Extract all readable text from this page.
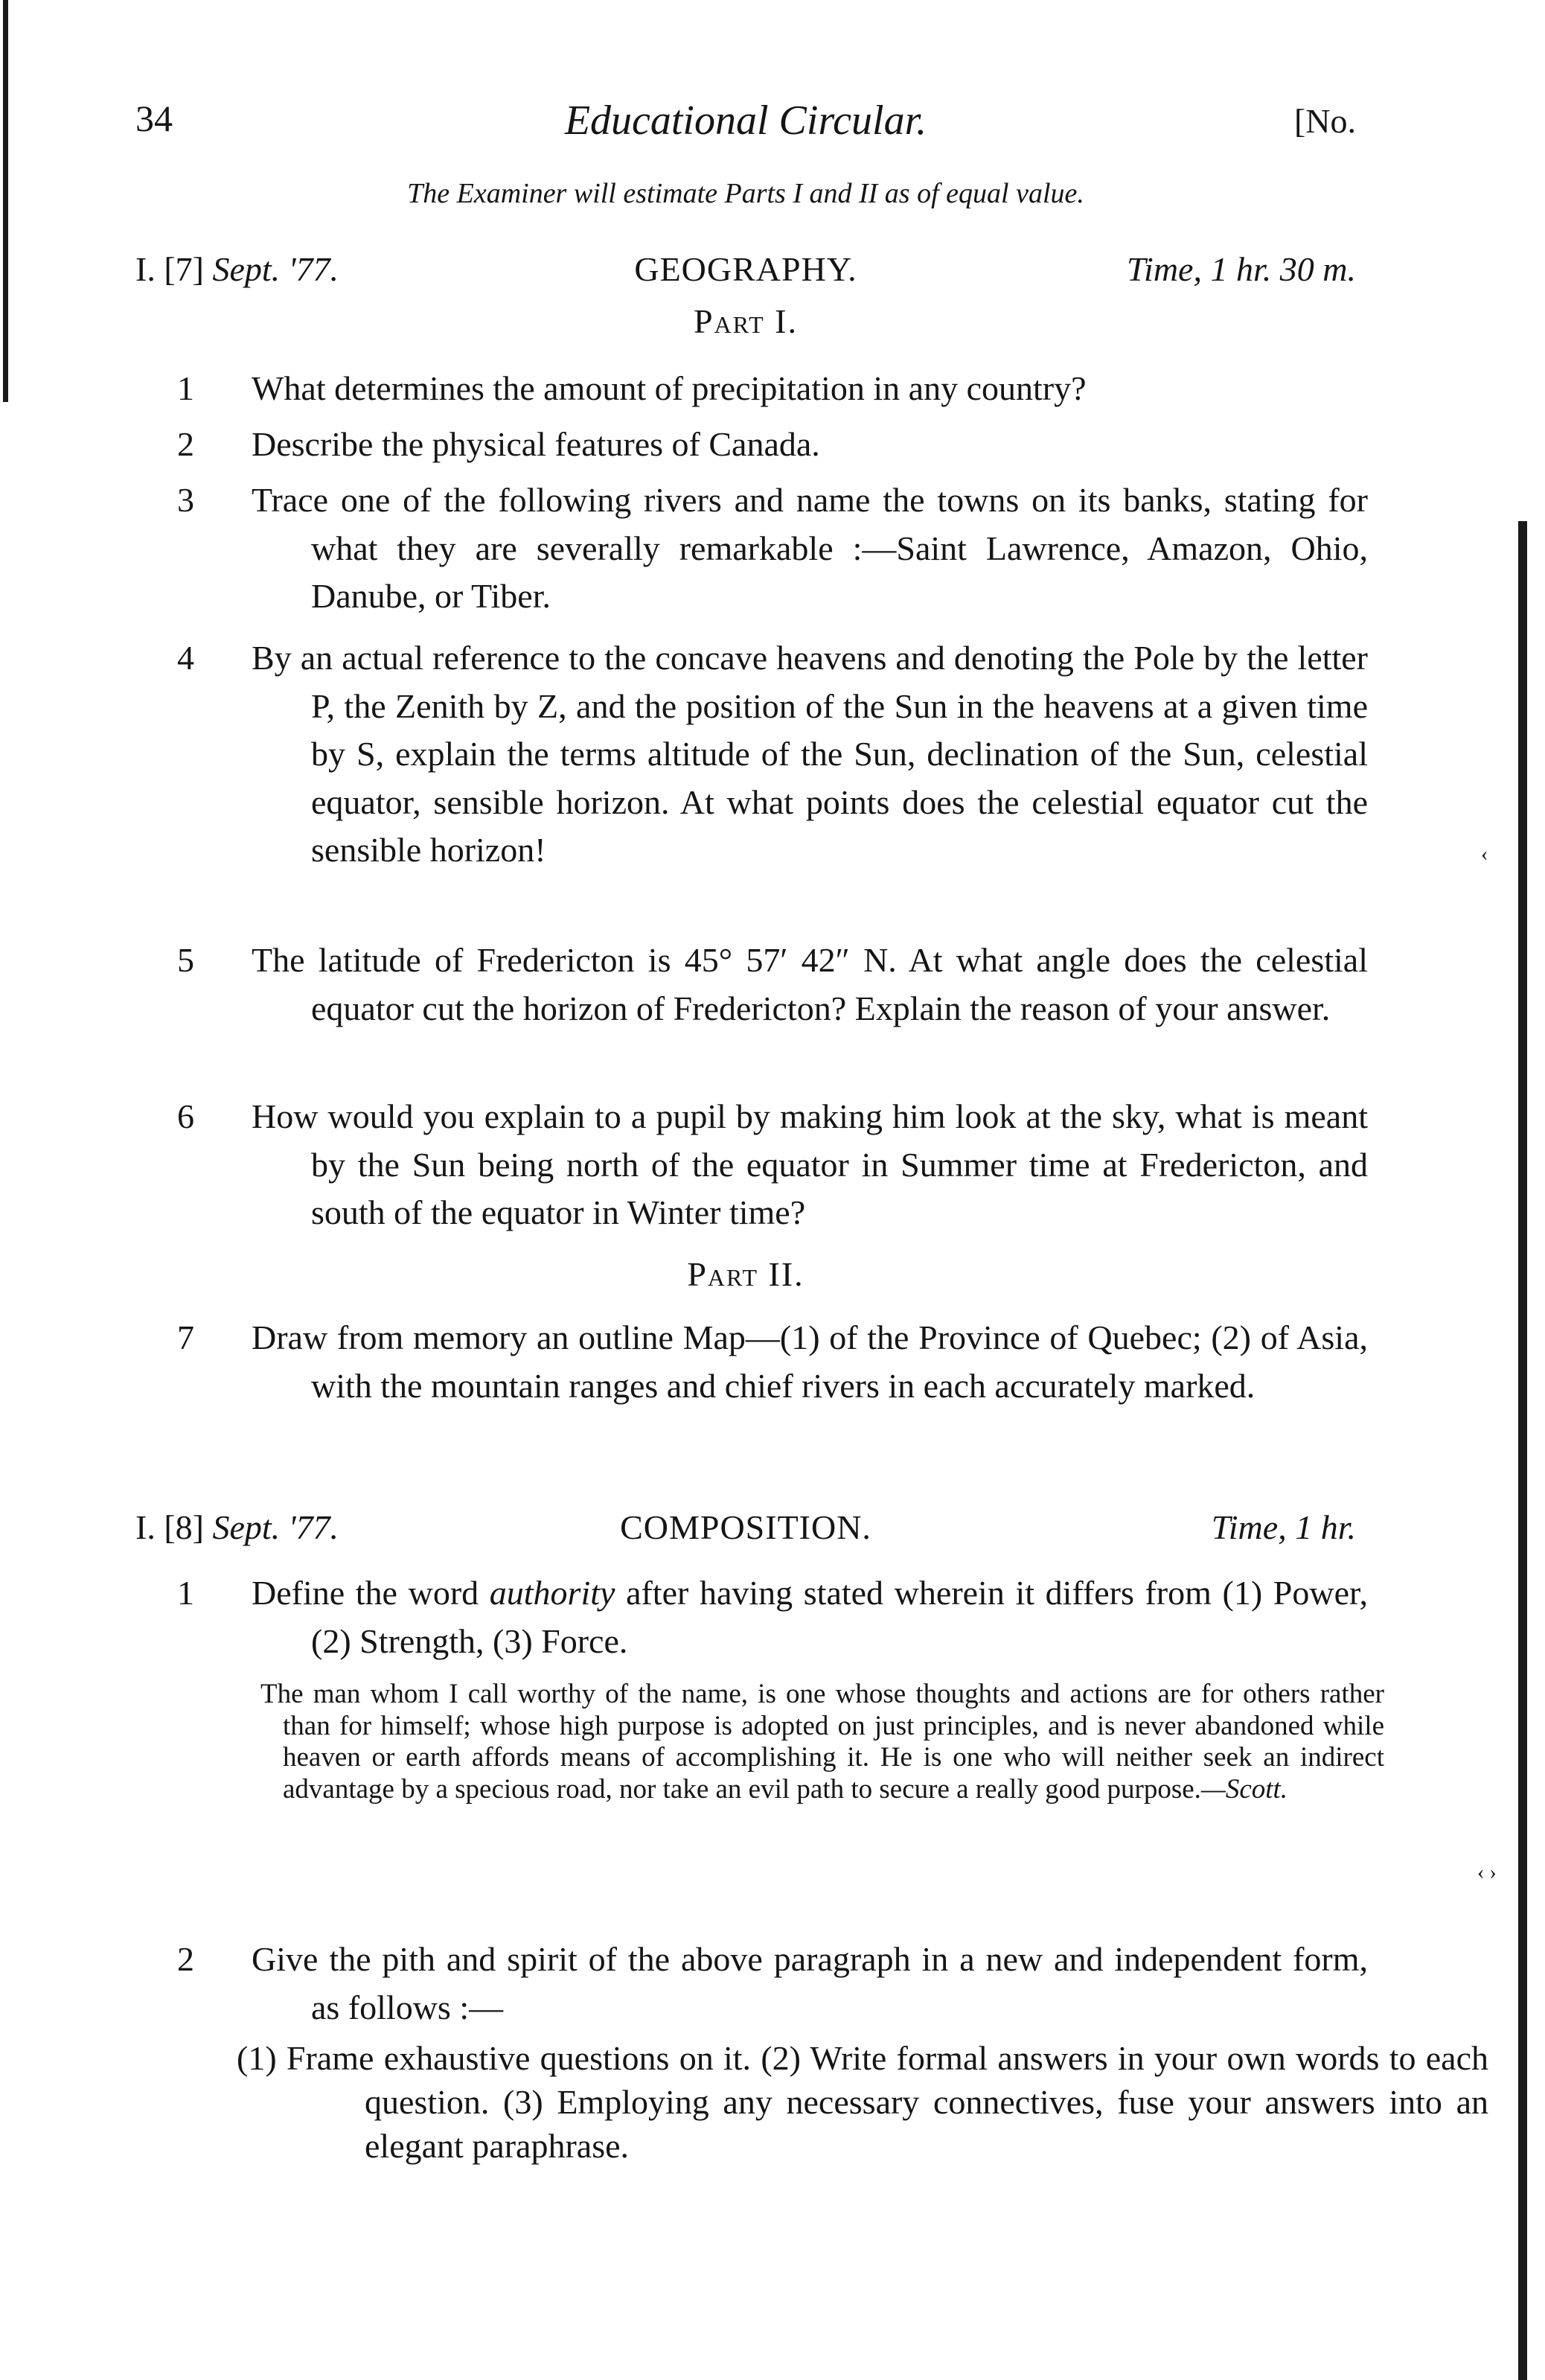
34	Educational Circular.	[No.
The Examiner will estimate Parts I and II as of equal value.
I. [7] Sept. '77.	GEOGRAPHY.	Time, 1 hr. 30 m.
Part I.
1 What determines the amount of precipitation in any country?
2 Describe the physical features of Canada.
3 Trace one of the following rivers and name the towns on its banks, stating for what they are severally remarkable :—Saint Lawrence, Amazon, Ohio, Danube, or Tiber.
4 By an actual reference to the concave heavens and denoting the Pole by the letter P, the Zenith by Z, and the position of the Sun in the heavens at a given time by S, explain the terms altitude of the Sun, declination of the Sun, celestial equator, sensible horizon. At what points does the celestial equator cut the sensible horizon!	‹
5 The latitude of Fredericton is 45° 57′ 42″ N. At what angle does the celestial equator cut the horizon of Fredericton? Explain the reason of your answer.
6 How would you explain to a pupil by making him look at the sky, what is meant by the Sun being north of the equator in Summer time at Fredericton, and south of the equator in Winter time?
Part II.
7 Draw from memory an outline Map—(1) of the Province of Quebec; (2) of Asia, with the mountain ranges and chief rivers in each accurately marked.
I. [8] Sept. '77.	COMPOSITION.	Time, 1 hr.
1 Define the word authority after having stated wherein it differs from (1) Power, (2) Strength, (3) Force.
The man whom I call worthy of the name, is one whose thoughts and actions are for others rather than for himself; whose high purpose is adopted on just principles, and is never abandoned while heaven or earth affords means of accomplishing it. He is one who will neither seek an indirect advantage by a specious road, nor take an evil path to secure a really good purpose.—Scott.
‹ ›
2 Give the pith and spirit of the above paragraph in a new and independent form, as follows :—
(1) Frame exhaustive questions on it. (2) Write formal answers in your own words to each question. (3) Employing any necessary connectives, fuse your answers into an elegant paraphrase.
